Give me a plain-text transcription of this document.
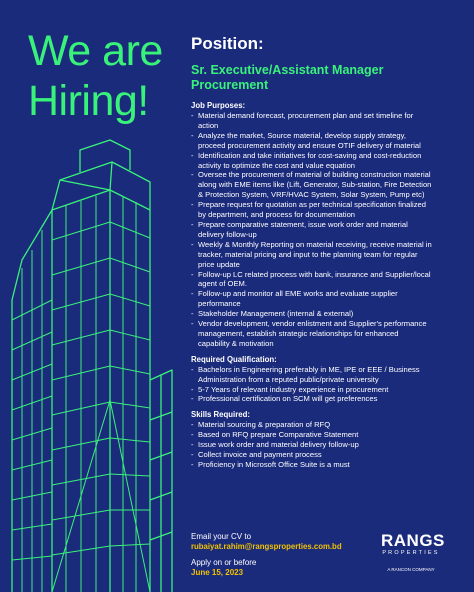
We are
Hiring!
Position:
Sr. Executive/Assistant Manager
Procurement
Job Purposes:
- Material demand forecast, procurement plan and set timeline for
action
- Analyze the market, Source material, develop supply strategy,
proceed procurement activity and ensure OTIF delivery of material
- Identification and take initiatives for cost-saving and cost-reduction
activity to optimize the cost and value equation
- Oversee the procurement of material of building construction material
along with EME items like (Lift, Generator, Sub-station, Fire Detection
& Protection System, VRF/HVAC System, Solar System, Pump etc)
- Prepare request for quotation as per technical specification finalized
by department, and process for documentation
- Prepare comparative statement, issue work order and material
delivery follow-up
- Weekly & Monthly Reporting on material receiving, receive material in
tracker, material pricing and input to the planning team for regular
price update
- Follow-up LC related process with bank, insurance and Supplier/local
agent of OEM.
- Follow-up and monitor all EME works and evaluate supplier
performance
- Stakeholder Management (internal & external)
- Vendor development, vendor enlistment and Supplier's performance
management, establish strategic relationships for enhanced
capability & motivation
Required Qualification:
- Bachelors in Engineering preferably in ME, IPE or EEE / Business
Administration from a reputed public/private university
- 5-7 Years of relevant industry experience in procurement
- Professional certification on SCM will get preferences
Skills Required:
- Material sourcing & preparation of RFQ
- Based on RFQ prepare Comparative Statement
- Issue work order and material delivery follow-up
- Collect invoice and payment process
- Proficiency in Microsoft Office Suite is a must
Email your CV to
rubaiyat.rahim@rangsproperties.com.bd
Apply on or before
June 15, 2023
RANGS
PROPERTIES
A RANCON COMPANY
